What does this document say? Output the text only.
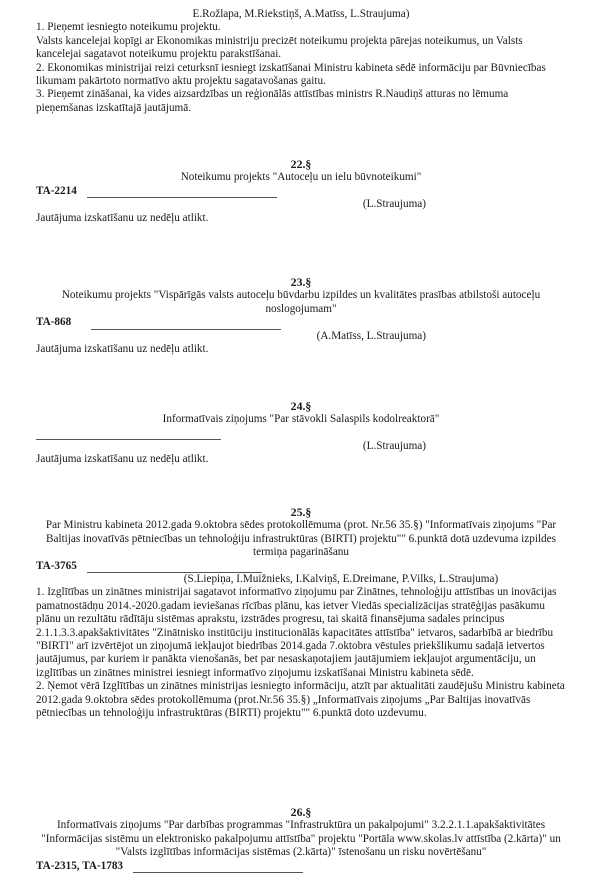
E.Rožlapa, M.Riekstiņš, A.Matīss, L.Straujuma)

1. Pieņemt iesniegto noteikumu projektu.

Valsts kancelejai kopīgi ar Ekonomikas ministriju precizēt noteikumu projekta pārejas noteikumus, un Valsts kancelejai sagatavot noteikumu projektu parakstīšanai.

2. Ekonomikas ministrijai reizi ceturksnī iesniegt izskatīšanai Ministru kabineta sēdē informāciju par Būvniecības likumam pakārtoto normatīvo aktu projektu sagatavošanas gaitu.

3. Pieņemt zināšanai, ka vides aizsardzības un reģionālās attīstības ministrs R.Naudiņš atturas no lēmuma pieņemšanas izskatītajā jautājumā.

22.§

Noteikumu projekts "Autoceļu un ielu būvnoteikumi"

TA-2214

(L.Straujuma)

Jautājuma izskatīšanu uz nedēļu atlikt.

23.§

Noteikumu projekts "Vispārīgās valsts autoceļu būvdarbu izpildes un kvalitātes prasības atbilstoši autoceļu noslogojumam"

TA-868

(A.Matīss, L.Straujuma)

Jautājuma izskatīšanu uz nedēļu atlikt.

24.§

Informatīvais ziņojums "Par stāvokli Salaspils kodolreaktorā"

(L.Straujuma)

Jautājuma izskatīšanu uz nedēļu atlikt.

25.§

Par Ministru kabineta 2012.gada 9.oktobra sēdes protokollēmuma (prot. Nr.56 35.§) "Informatīvais ziņojums "Par Baltijas inovatīvās pētniecības un tehnoloģiju infrastruktūras (BIRTI) projektu"" 6.punktā dotā uzdevuma izpildes termiņa pagarināšanu

TA-3765

(S.Liepiņa, I.Muižnieks, I.Kalviņš, E.Dreimane, P.Vilks, L.Straujuma)

1. Izglītības un zinātnes ministrijai sagatavot informatīvo ziņojumu par Zinātnes, tehnoloģiju attīstības un inovācijas pamatnostādņu 2014.-2020.gadam ieviešanas rīcības plānu, kas ietver Viedās specializācijas stratēģijas pasākumu plānu un rezultātu rādītāju sistēmas aprakstu, izstrādes progresu, tai skaitā finansējuma sadales principus 2.1.1.3.3.apakšaktivitātes "Zinātnisko institūciju institucionālās kapacitātes attīstība" ietvaros, sadarbībā ar biedrību "BIRTI" arī izvērtējot un ziņojumā iekļaujot biedrības 2014.gada 7.oktobra vēstules priekšlikumu sadaļā ietvertos jautājumus, par kuriem ir panākta vienošanās, bet par nesaskaņotajiem jautājumiem iekļaujot argumentāciju, un izglītības un zinātnes ministrei iesniegt informatīvo ziņojumu izskatīšanai Ministru kabineta sēdē.

2. Ņemot vērā Izglītības un zinātnes ministrijas iesniegto informāciju, atzīt par aktualitāti zaudējušu Ministru kabineta 2012.gada 9.oktobra sēdes protokollēmuma (prot.Nr.56 35.§) „Informatīvais ziņojums „Par Baltijas inovatīvās pētniecības un tehnoloģiju infrastruktūras (BIRTI) projektu"" 6.punktā doto uzdevumu.

26.§

Informatīvais ziņojums "Par darbības programmas "Infrastruktūra un pakalpojumi" 3.2.2.1.1.apakšaktivitātes "Informācijas sistēmu un elektronisko pakalpojumu attīstība" projektu "Portāla www.skolas.lv attīstība (2.kārta)" un "Valsts izglītības informācijas sistēmas (2.kārta)" īstenošanu un risku novērtēšanu"

TA-2315, TA-1783
